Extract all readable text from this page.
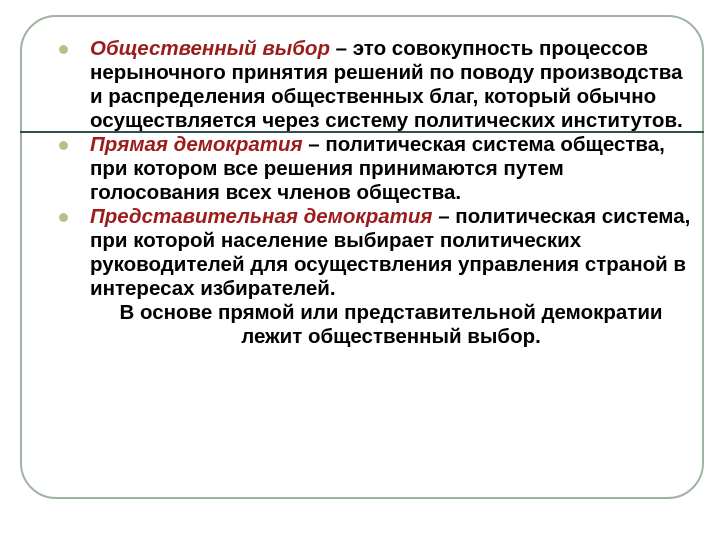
Общественный выбор – это совокупность процессов нерыночного принятия решений по поводу производства и распределения общественных благ, который обычно осуществляется через систему политических институтов.
Прямая демократия – политическая система общества, при котором все решения принимаются путем голосования всех членов общества.
Представительная демократия – политическая система, при которой население выбирает политических руководителей для осуществления управления страной в интересах избирателей.
В основе прямой или представительной демократии лежит общественный выбор.
